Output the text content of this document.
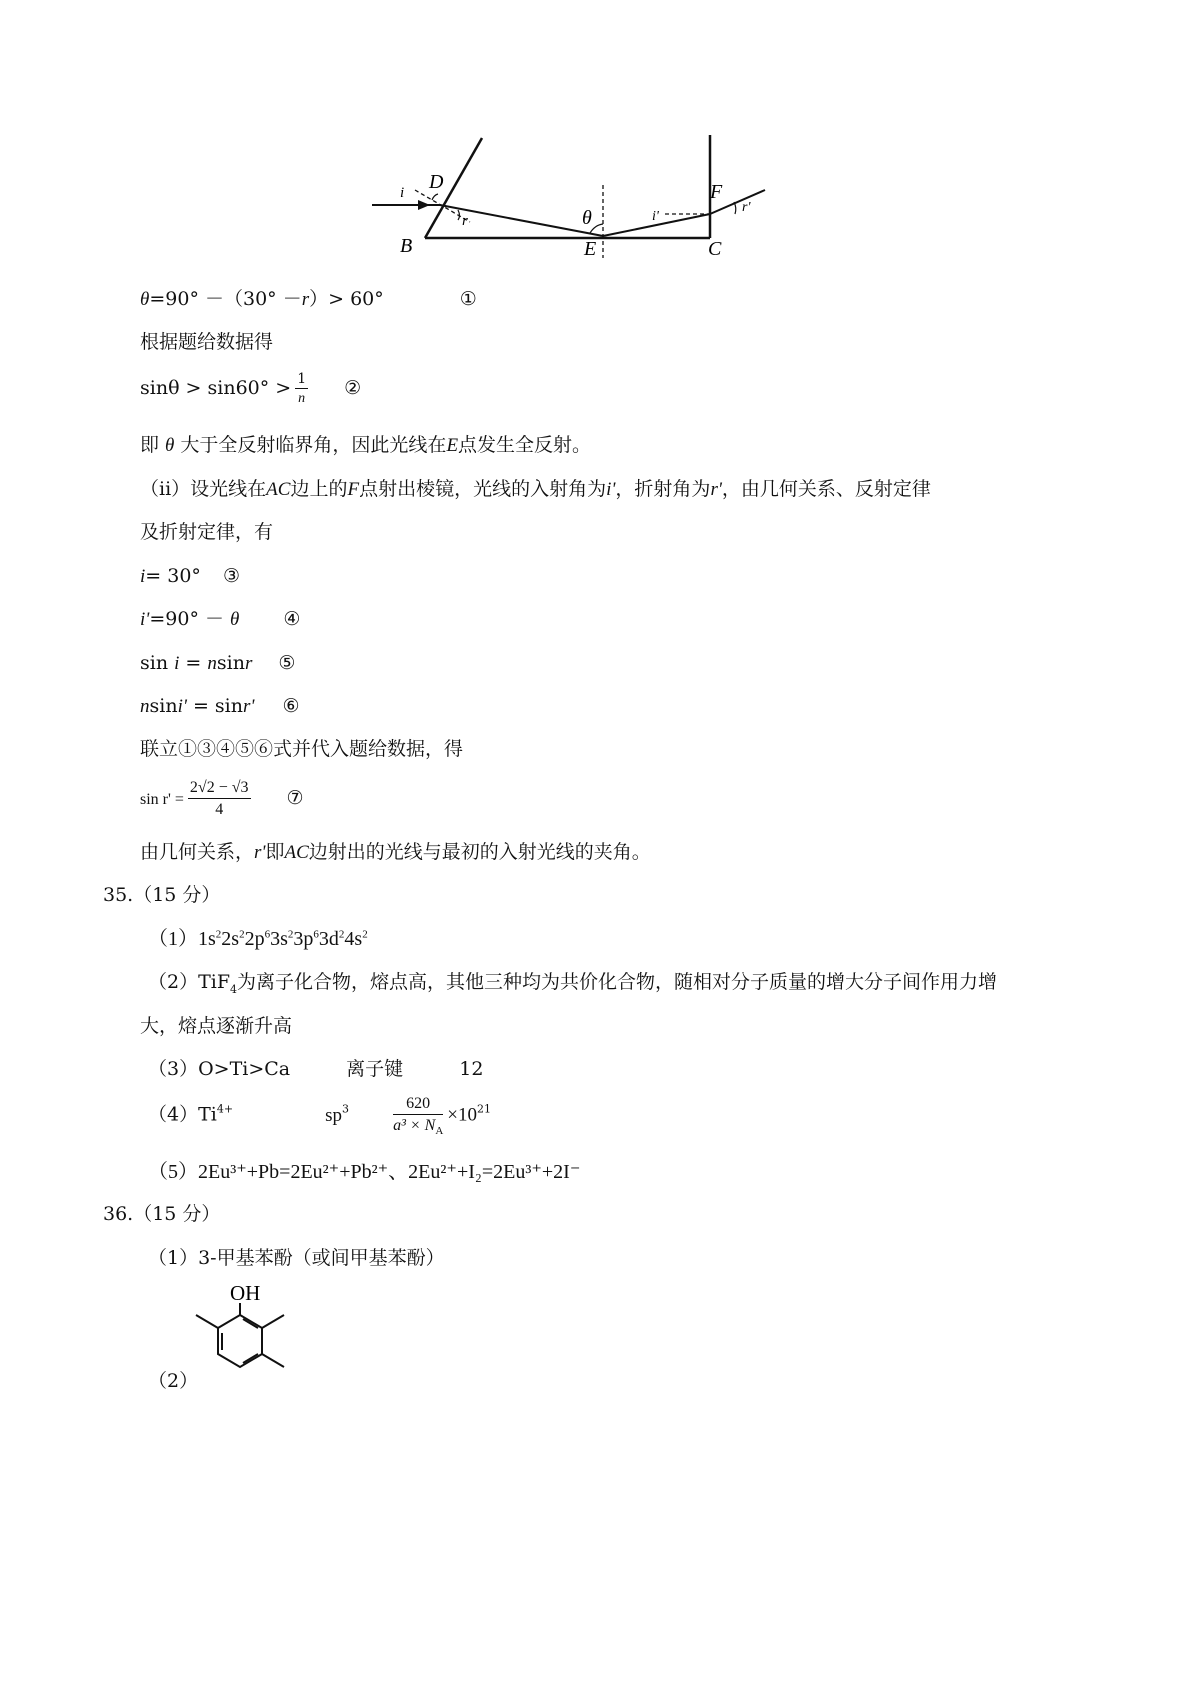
D
B	E	C
F
i
r	θ	i'
r'
θ=90° －（30° －r）> 60°	①
根据题给数据得
$\sin\theta > \sin 60^\circ > \frac{1}{n}$ ②
即 θ 大于全反射临界角，因此光线在E点发生全反射。
（ii）设光线在AC边上的F点射出棱镜，光线的入射角为i'，折射角为r'，由几何关系、反射定律
及折射定律，有
i= 30° ③
i'=90° － θ ④
sin i = nsinr ⑤
nsini' = sinr' ⑥
联立①③④⑤⑥式并代入题给数据，得
$\sin r' = \frac{2√2 - √3}{4}$ ⑦
由几何关系，r'即AC边射出的光线与最初的入射光线的夹角。
35.（15 分）
$(1)1s^22s^22p^63s^23p^63d^24s^2$
（2）TiF$_4$为离子化合物，熔点高，其他三种均为共价化合物，随相对分子质量的增大分子间作用力增
大，熔点逐渐升高
（3）O>Ti>Ca	离子键	12
$(4)Ti^{4+}$	$sp^3$	$\frac{620}{a^3 \times N_A} \times 10^{21}$
（5）2Eu³⁺+Pb=2Eu²⁺+Pb²⁺、2Eu²⁺+I₂=2Eu³⁺+2I⁻
36.（15 分）
（1）3-甲基苯酚（或间甲基苯酚）
（2）
OH
